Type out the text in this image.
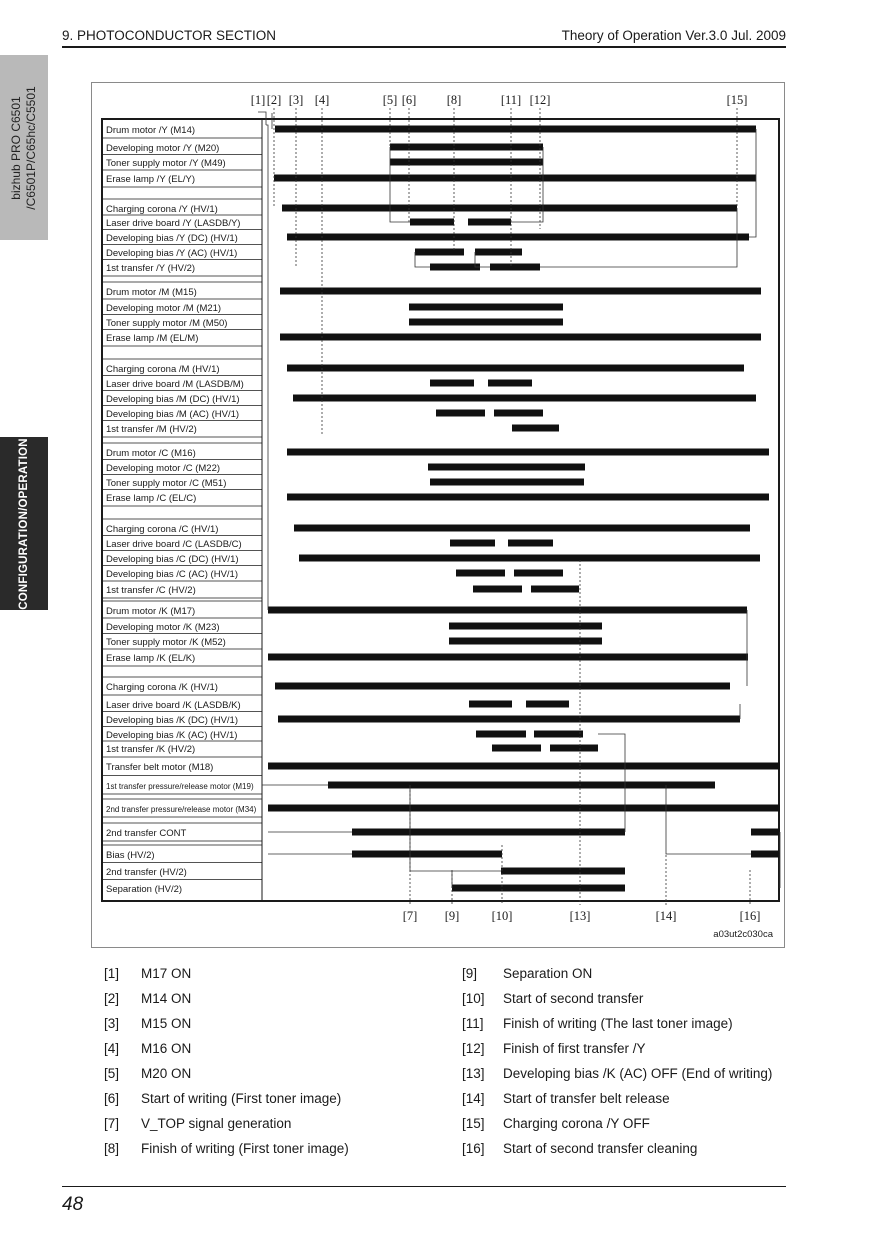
9. PHOTOCONDUCTOR SECTION	Theory of Operation Ver.3.0 Jul. 2009
bizhub PRO C6501 /C6501P/C65hc/C5501
CONFIGURATION/OPERATION
Drum motor /Y (M14)
Developing motor /Y (M20)
Toner supply motor /Y (M49)
Erase lamp /Y (EL/Y)
Charging corona /Y (HV/1)
Laser drive board /Y (LASDB/Y)
Developing bias /Y (DC) (HV/1)
Developing bias /Y (AC) (HV/1)
1st transfer /Y (HV/2)
Drum motor /M (M15)
Developing motor /M (M21)
Toner supply motor /M (M50)
Erase lamp /M (EL/M)
Charging corona /M (HV/1)
Laser drive board /M (LASDB/M)
Developing bias /M (DC) (HV/1)
Developing bias /M (AC) (HV/1)
1st transfer /M (HV/2)
Drum motor /C (M16)
Developing motor /C (M22)
Toner supply motor /C (M51)
Erase lamp /C (EL/C)
Charging corona /C (HV/1)
Laser drive board /C (LASDB/C)
Developing bias /C (DC) (HV/1)
Developing bias /C (AC) (HV/1)
1st transfer /C (HV/2)
Drum motor /K (M17)
Developing motor /K (M23)
Toner supply motor /K (M52)
Erase lamp /K (EL/K)
Charging corona /K (HV/1)
Laser drive board /K (LASDB/K)
Developing bias /K (DC) (HV/1)
Developing bias /K (AC) (HV/1)
1st transfer /K (HV/2)
Transfer belt motor (M18)
1st transfer pressure/release motor (M19)
2nd transfer pressure/release motor (M34)
2nd transfer CONT
Bias (HV/2)
2nd transfer (HV/2)
Separation (HV/2)
[1] [2] [3] [4]	[5] [6] [8]	[11] [12]	[15]
[7] [9]	[10]	[13]	[14]	[16]
a03ut2c030ca
[1] M17 ON
[2] M14 ON
[3] M15 ON
[4] M16 ON
[5] M20 ON
[6] Start of writing (First toner image)
[7] V_TOP signal generation
[8] Finish of writing (First toner image)
[9] Separation ON
[10] Start of second transfer
[11] Finish of writing (The last toner image)
[12] Finish of first transfer /Y
[13] Developing bias /K (AC) OFF (End of writing)
[14] Start of transfer belt release
[15] Charging corona /Y OFF
[16] Start of second transfer cleaning
48
